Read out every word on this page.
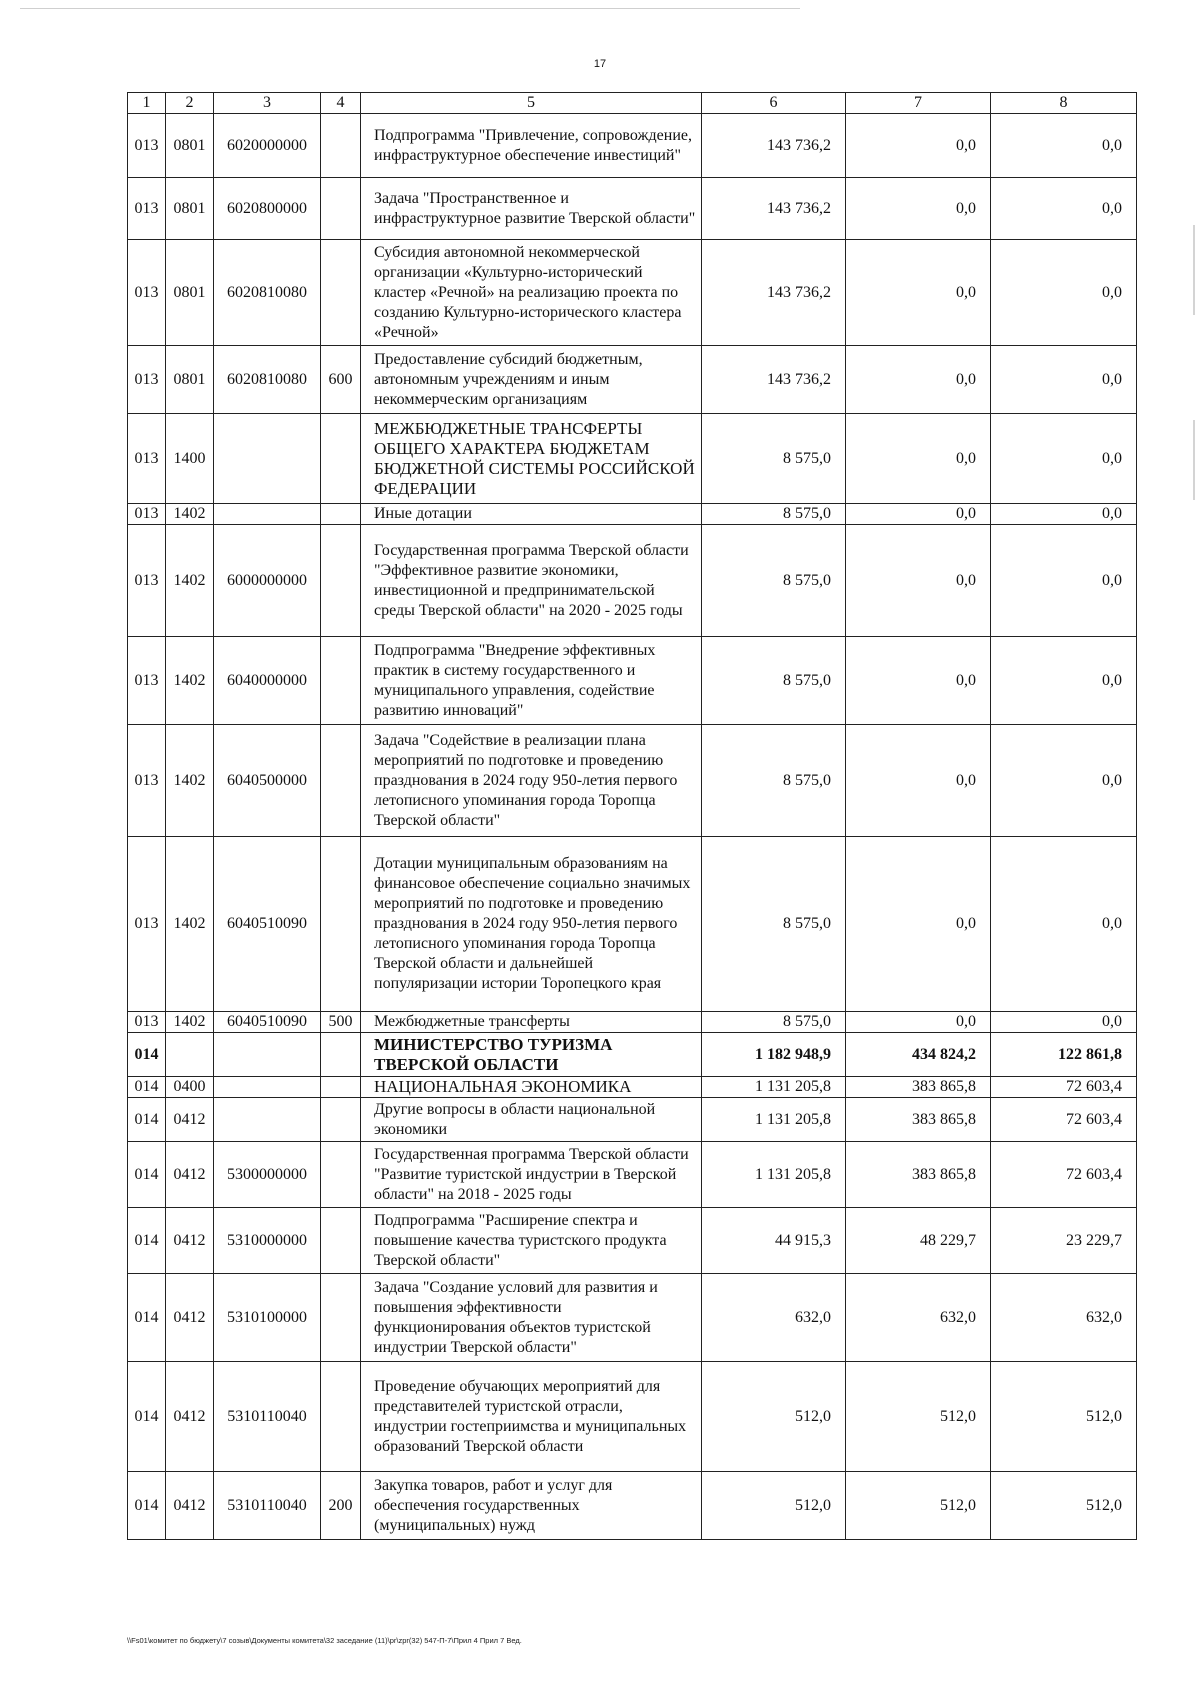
17
1	2	3	4	5	6	7	8
013	0801	6020000000		Подпрограмма "Привлечение, сопровождение, инфраструктурное обеспечение инвестиций"	143 736,2	0,0	0,0
013	0801	6020800000		Задача "Пространственное и инфраструктурное развитие Тверской области"	143 736,2	0,0	0,0
013	0801	6020810080		Субсидия автономной некоммерческой организации «Культурно-исторический кластер «Речной» на реализацию проекта по созданию Культурно-исторического кластера «Речной»	143 736,2	0,0	0,0
013	0801	6020810080	600	Предоставление субсидий бюджетным, автономным учреждениям и иным некоммерческим организациям	143 736,2	0,0	0,0
013	1400			МЕЖБЮДЖЕТНЫЕ ТРАНСФЕРТЫ ОБЩЕГО ХАРАКТЕРА БЮДЖЕТАМ БЮДЖЕТНОЙ СИСТЕМЫ РОССИЙСКОЙ ФЕДЕРАЦИИ	8 575,0	0,0	0,0
013	1402			Иные дотации	8 575,0	0,0	0,0
013	1402	6000000000		Государственная программа Тверской области "Эффективное развитие экономики, инвестиционной и предпринимательской среды Тверской области" на 2020 - 2025 годы	8 575,0	0,0	0,0
013	1402	6040000000		Подпрограмма "Внедрение эффективных практик в систему государственного и муниципального управления, содействие развитию инноваций"	8 575,0	0,0	0,0
013	1402	6040500000		Задача "Содействие в реализации плана мероприятий по подготовке и проведению празднования в 2024 году 950-летия первого летописного упоминания города Торопца Тверской области"	8 575,0	0,0	0,0
013	1402	6040510090		Дотации муниципальным образованиям на финансовое обеспечение социально значимых мероприятий по подготовке и проведению празднования в 2024 году 950-летия первого летописного упоминания города Торопца Тверской области и дальнейшей популяризации истории Торопецкого края	8 575,0	0,0	0,0
013	1402	6040510090	500	Межбюджетные трансферты	8 575,0	0,0	0,0
014				МИНИСТЕРСТВО ТУРИЗМА ТВЕРСКОЙ ОБЛАСТИ	1 182 948,9	434 824,2	122 861,8
014	0400			НАЦИОНАЛЬНАЯ ЭКОНОМИКА	1 131 205,8	383 865,8	72 603,4
014	0412			Другие вопросы в области национальной экономики	1 131 205,8	383 865,8	72 603,4
014	0412	5300000000		Государственная программа Тверской области "Развитие туристской индустрии в Тверской области" на 2018 - 2025 годы	1 131 205,8	383 865,8	72 603,4
014	0412	5310000000		Подпрограмма "Расширение спектра и повышение качества туристского продукта Тверской области"	44 915,3	48 229,7	23 229,7
014	0412	5310100000		Задача "Создание условий для развития и повышения эффективности функционирования объектов туристской индустрии Тверской области"	632,0	632,0	632,0
014	0412	5310110040		Проведение обучающих мероприятий для представителей туристской отрасли, индустрии гостеприимства и муниципальных образований Тверской области	512,0	512,0	512,0
014	0412	5310110040	200	Закупка товаров, работ и услуг для обеспечения государственных (муниципальных) нужд	512,0	512,0	512,0
\\Fs01\комитет по бюджету\7 созыв\Документы комитета\32 заседание (11)\pr\zpr(32) 547-П-7\Прил 4 Прил 7 Вед.
